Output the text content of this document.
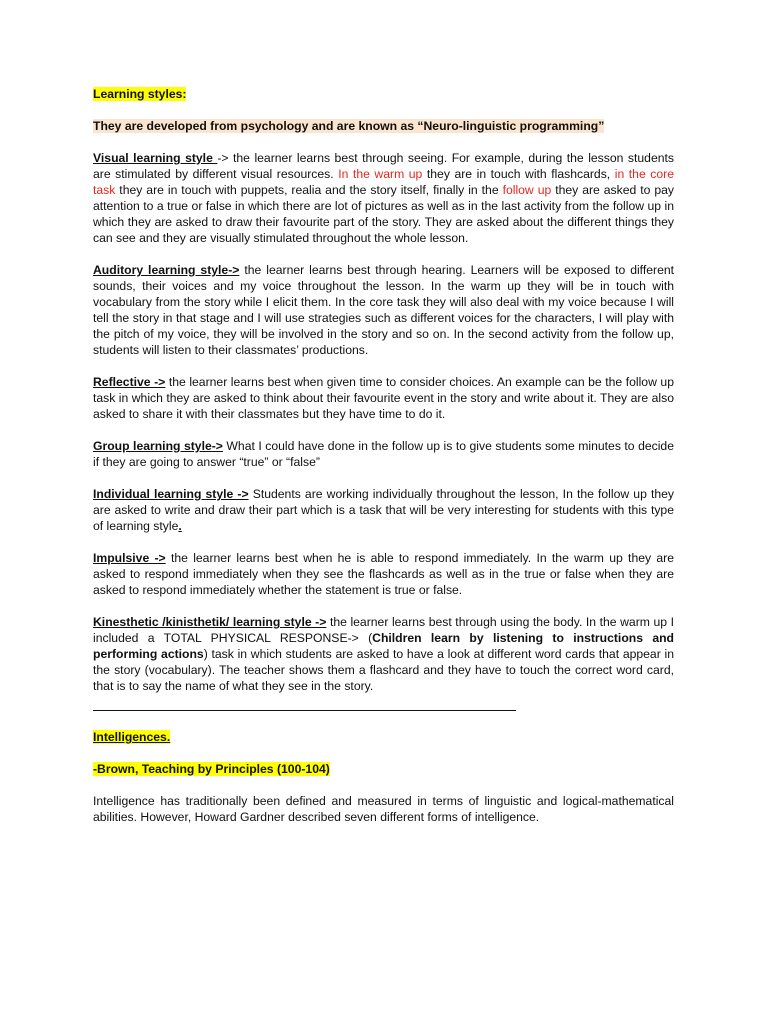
Learning styles:
They are developed from psychology and are known as “Neuro-linguistic programming”

Visual learning style -> the learner learns best through seeing. For example, during the lesson students are stimulated by different visual resources. In the warm up they are in touch with flashcards, in the core task they are in touch with puppets, realia and the story itself, finally in the follow up they are asked to pay attention to a true or false in which there are lot of pictures as well as in the last activity from the follow up in which they are asked to draw their favourite part of the story. They are asked about the different things they can see and they are visually stimulated throughout the whole lesson.

Auditory learning style-> the learner learns best through hearing. Learners will be exposed to different sounds, their voices and my voice throughout the lesson. In the warm up they will be in touch with vocabulary from the story while I elicit them. In the core task they will also deal with my voice because I will tell the story in that stage and I will use strategies such as different voices for the characters, I will play with the pitch of my voice, they will be involved in the story and so on. In the second activity from the follow up, students will listen to their classmates’ productions.

Reflective -> the learner learns best when given time to consider choices. An example can be the follow up task in which they are asked to think about their favourite event in the story and write about it. They are also asked to share it with their classmates but they have time to do it.

Group learning style-> What I could have done in the follow up is to give students some minutes to decide if they are going to answer “true” or “false”

Individual learning style -> Students are working individually throughout the lesson, In the follow up they are asked to write and draw their part which is a task that will be very interesting for students with this type of learning style.

Impulsive -> the learner learns best when he is able to respond immediately. In the warm up they are asked to respond immediately when they see the flashcards as well as in the true or false when they are asked to respond immediately whether the statement is true or false.

Kinesthetic /kinisthetik/ learning style -> the learner learns best through using the body. In the warm up I included a TOTAL PHYSICAL RESPONSE-> (Children learn by listening to instructions and performing actions) task in which students are asked to have a look at different word cards that appear in the story (vocabulary). The teacher shows them a flashcard and they have to touch the correct word card, that is to say the name of what they see in the story.

Intelligences.
-Brown, Teaching by Principles (100-104)

Intelligence has traditionally been defined and measured in terms of linguistic and logical-mathematical abilities. However, Howard Gardner described seven different forms of intelligence.
